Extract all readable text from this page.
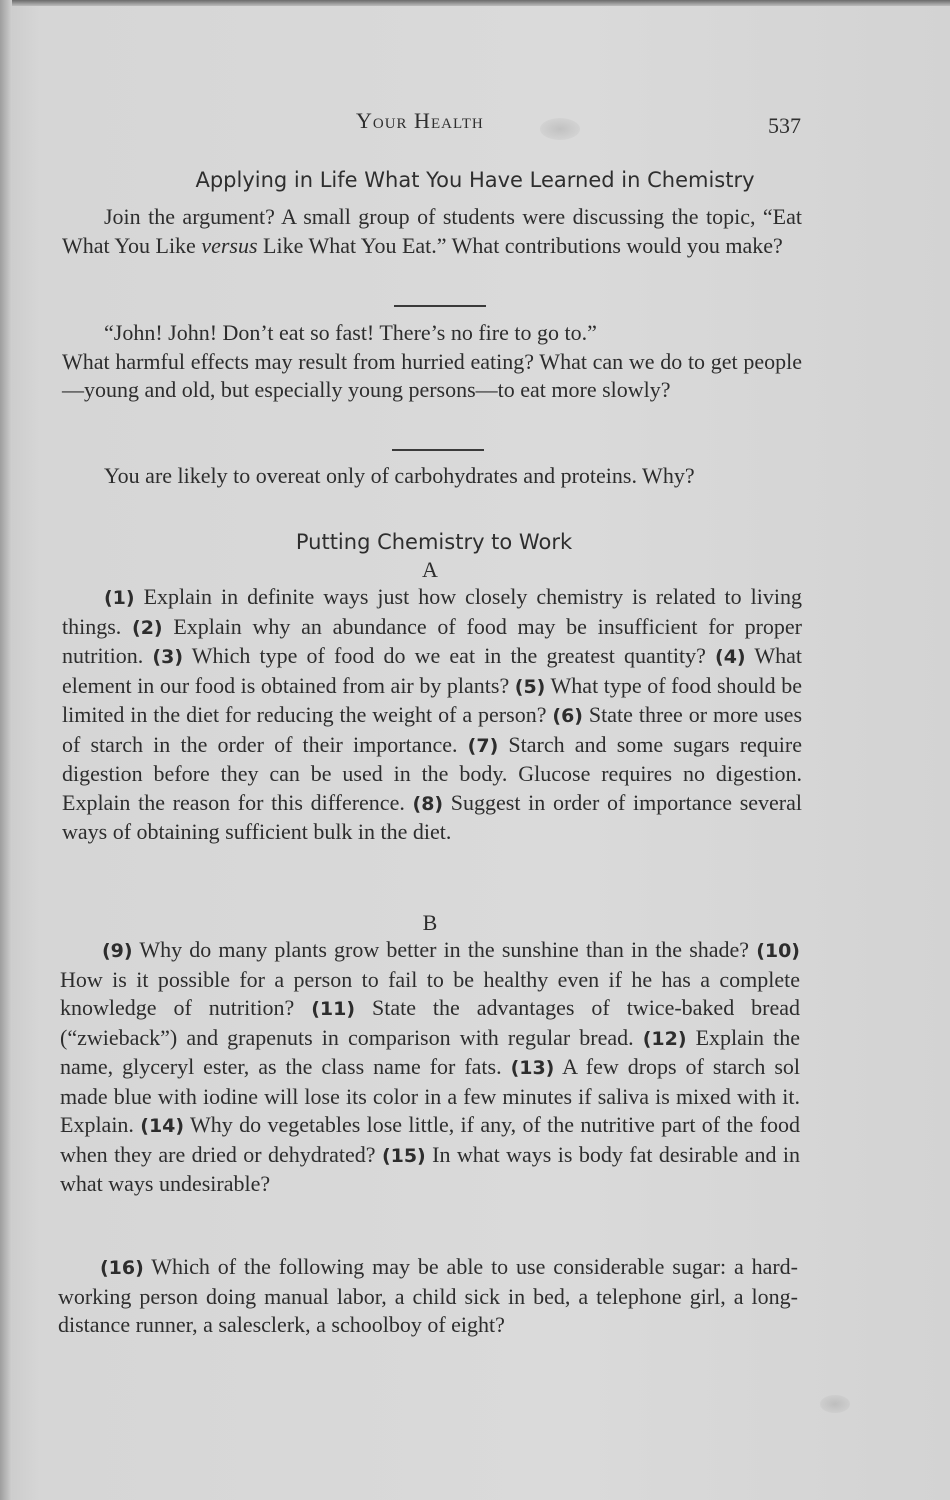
Your Health	537
Applying in Life What You Have Learned in Chemistry

Join the argument? A small group of students were discussing the topic, “Eat What You Like versus Like What You Eat.” What contributions would you make?

“John! John! Don’t eat so fast! There’s no fire to go to.”
What harmful effects may result from hurried eating? What can we do to get people—young and old, but especially young persons—to eat more slowly?

You are likely to overeat only of carbohydrates and proteins. Why?

Putting Chemistry to Work
A

(1) Explain in definite ways just how closely chemistry is related to living things. (2) Explain why an abundance of food may be insufficient for proper nutrition. (3) Which type of food do we eat in the greatest quantity? (4) What element in our food is obtained from air by plants? (5) What type of food should be limited in the diet for reducing the weight of a person? (6) State three or more uses of starch in the order of their importance. (7) Starch and some sugars require digestion before they can be used in the body. Glucose requires no digestion. Explain the reason for this difference. (8) Suggest in order of importance several ways of obtaining sufficient bulk in the diet.

B

(9) Why do many plants grow better in the sunshine than in the shade? (10) How is it possible for a person to fail to be healthy even if he has a complete knowledge of nutrition? (11) State the advantages of twice-baked bread (“zwieback”) and grapenuts in comparison with regular bread. (12) Explain the name, glyceryl ester, as the class name for fats. (13) A few drops of starch sol made blue with iodine will lose its color in a few minutes if saliva is mixed with it. Explain. (14) Why do vegetables lose little, if any, of the nutritive part of the food when they are dried or dehydrated? (15) In what ways is body fat desirable and in what ways undesirable?

(16) Which of the following may be able to use considerable sugar: a hard-working person doing manual labor, a child sick in bed, a telephone girl, a long-distance runner, a salesclerk, a schoolboy of eight?
